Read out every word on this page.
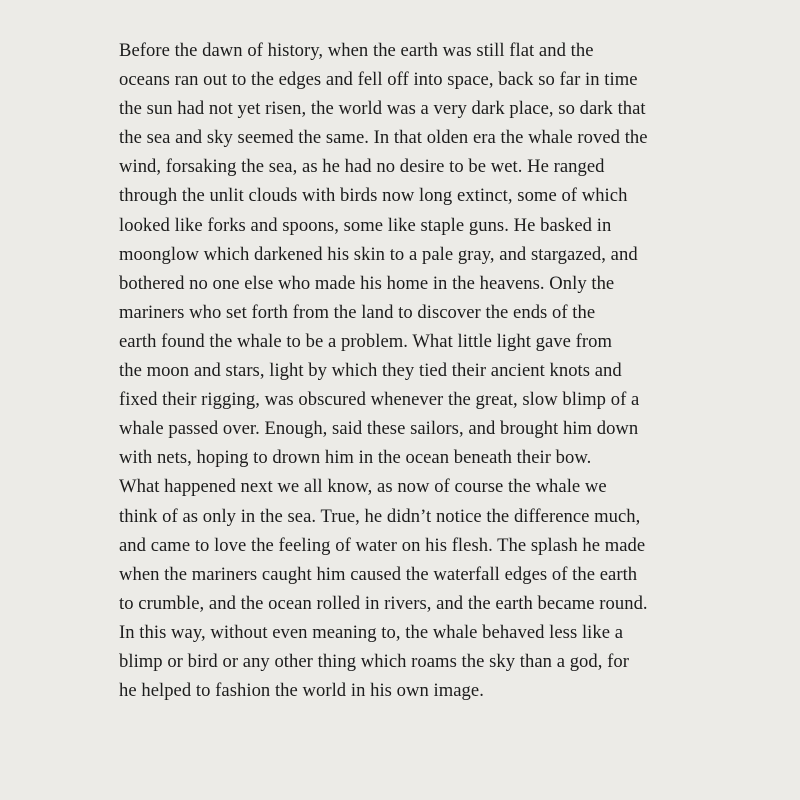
Before the dawn of history, when the earth was still flat and the
oceans ran out to the edges and fell off into space, back so far in time
the sun had not yet risen, the world was a very dark place, so dark that
the sea and sky seemed the same. In that olden era the whale roved the
wind, forsaking the sea, as he had no desire to be wet. He ranged
through the unlit clouds with birds now long extinct, some of which
looked like forks and spoons, some like staple guns. He basked in
moonglow which darkened his skin to a pale gray, and stargazed, and
bothered no one else who made his home in the heavens. Only the
mariners who set forth from the land to discover the ends of the
earth found the whale to be a problem. What little light gave from
the moon and stars, light by which they tied their ancient knots and
fixed their rigging, was obscured whenever the great, slow blimp of a
whale passed over. Enough, said these sailors, and brought him down
with nets, hoping to drown him in the ocean beneath their bow.
What happened next we all know, as now of course the whale we
think of as only in the sea. True, he didn’t notice the difference much,
and came to love the feeling of water on his flesh. The splash he made
when the mariners caught him caused the waterfall edges of the earth
to crumble, and the ocean rolled in rivers, and the earth became round.
In this way, without even meaning to, the whale behaved less like a
blimp or bird or any other thing which roams the sky than a god, for
he helped to fashion the world in his own image.
